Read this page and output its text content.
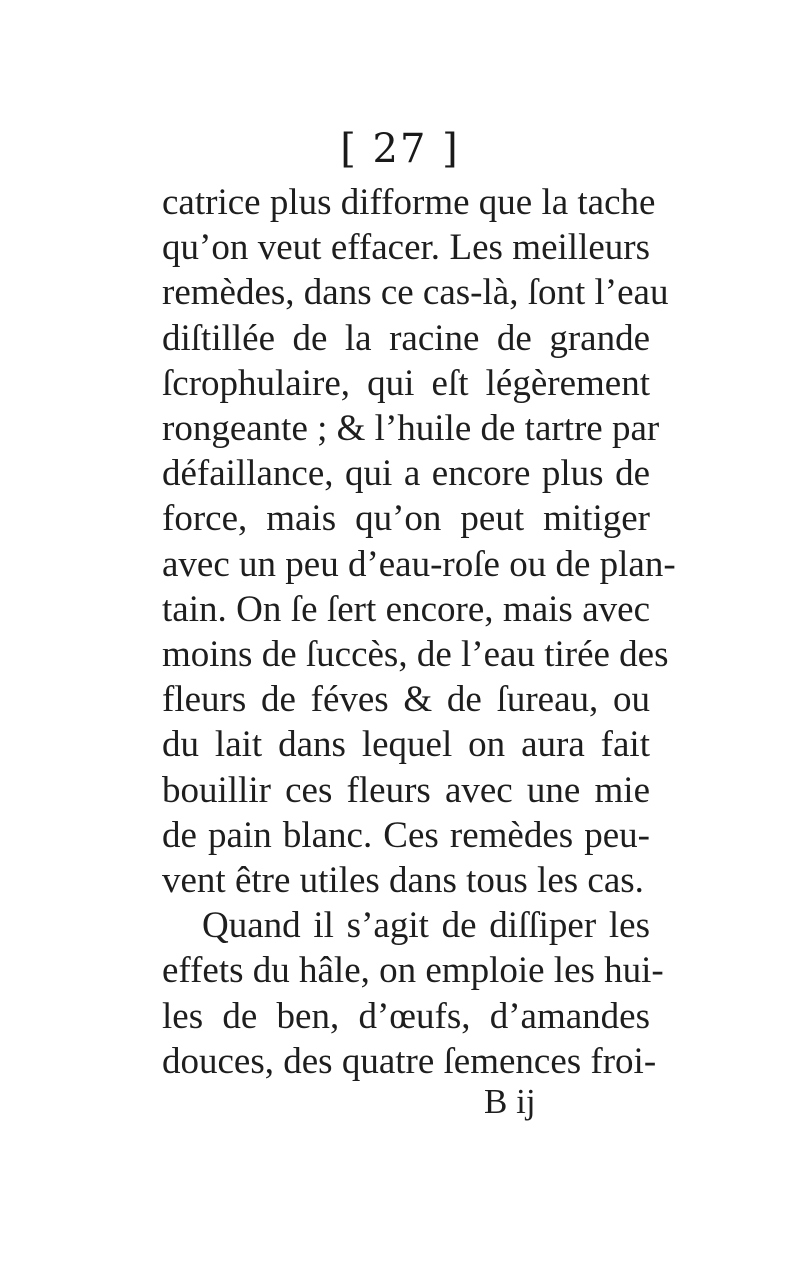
[ 27 ]
catrice plus difforme que la tache
qu’on veut effacer. Les meilleurs
remèdes, dans ce cas-là, ſont l’eau
diſtillée de la racine de grande
ſcrophulaire, qui eſt légèrement
rongeante ; & l’huile de tartre par
défaillance, qui a encore plus de
force, mais qu’on peut mitiger
avec un peu d’eau-roſe ou de plan-
tain. On ſe ſert encore, mais avec
moins de ſuccès, de l’eau tirée des
fleurs de féves & de ſureau, ou
du lait dans lequel on aura fait
bouillir ces fleurs avec une mie
de pain blanc. Ces remèdes peu-
vent être utiles dans tous les cas.
Quand il s’agit de diſſiper les
effets du hâle, on emploie les hui-
les de ben, d’œufs, d’amandes
douces, des quatre ſemences froi-
B ij
